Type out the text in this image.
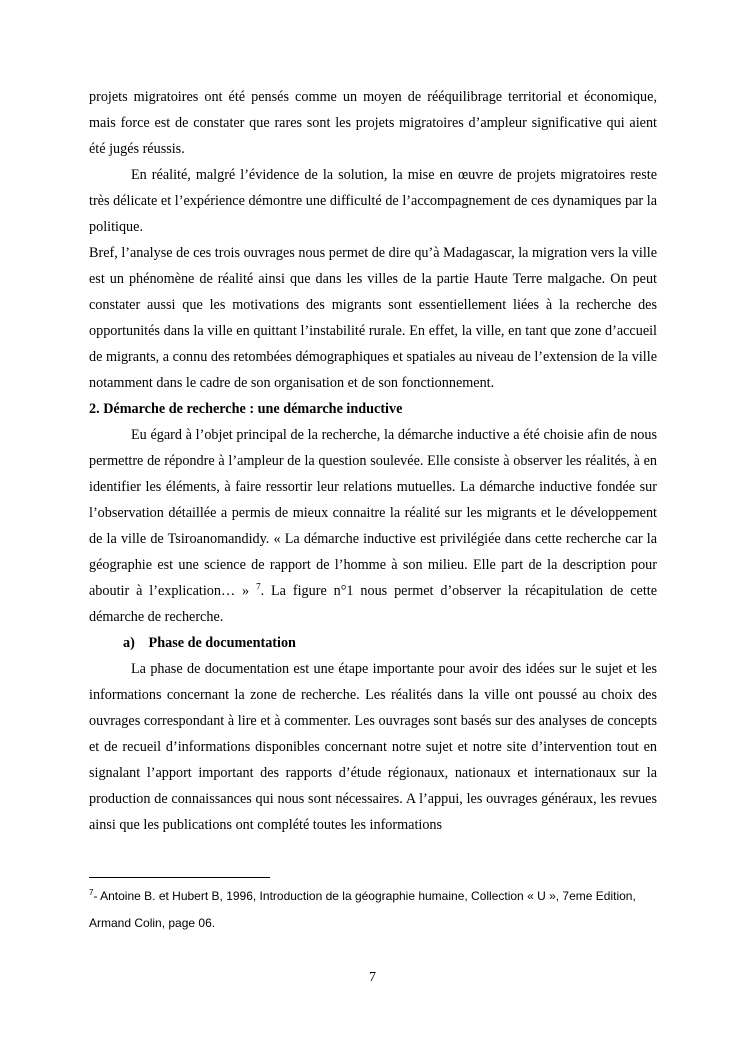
projets migratoires ont été pensés comme un moyen de rééquilibrage territorial et économique, mais force est de constater que rares sont les projets migratoires d’ampleur significative qui aient été jugés réussis.

En réalité, malgré l’évidence de la solution, la mise en œuvre de projets migratoires reste très délicate et l’expérience démontre une difficulté de l’accompagnement de ces dynamiques par la politique.

Bref, l’analyse de ces trois ouvrages nous permet de dire qu’à Madagascar, la migration vers la ville est un phénomène de réalité ainsi que dans les villes de la partie Haute Terre malgache. On peut constater aussi que les motivations des migrants sont essentiellement liées à la recherche des opportunités dans la ville en quittant l’instabilité rurale. En effet, la ville, en tant que zone d’accueil de migrants, a connu des retombées démographiques et spatiales au niveau de l’extension de la ville notamment dans le cadre de son organisation et de son fonctionnement.

2. Démarche de recherche : une démarche inductive

Eu égard à l’objet principal de la recherche, la démarche inductive a été choisie afin de nous permettre de répondre à l’ampleur de la question soulevée. Elle consiste à observer les réalités, à en identifier les éléments, à faire ressortir leur relations mutuelles. La démarche inductive fondée sur l’observation détaillée a permis de mieux connaitre la réalité sur les migrants et le développement de la ville de Tsiroanomandidy. « La démarche inductive est privilégiée dans cette recherche car la géographie est une science de rapport de l’homme à son milieu. Elle part de la description pour aboutir à l’explication… » $^7$. La figure n°1 nous permet d’observer la récapitulation de cette démarche de recherche.

a) Phase de documentation

La phase de documentation est une étape importante pour avoir des idées sur le sujet et les informations concernant la zone de recherche. Les réalités dans la ville ont poussé au choix des ouvrages correspondant à lire et à commenter. Les ouvrages sont basés sur des analyses de concepts et de recueil d’informations disponibles concernant notre sujet et notre site d’intervention tout en signalant l’apport important des rapports d’étude régionaux, nationaux et internationaux sur la production de connaissances qui nous sont nécessaires. A l’appui, les ouvrages généraux, les revues ainsi que les publications ont complété toutes les informations

$^7$- Antoine B. et Hubert B, 1996, Introduction de la géographie humaine, Collection « U », 7eme Edition, Armand Colin, page 06.
7
